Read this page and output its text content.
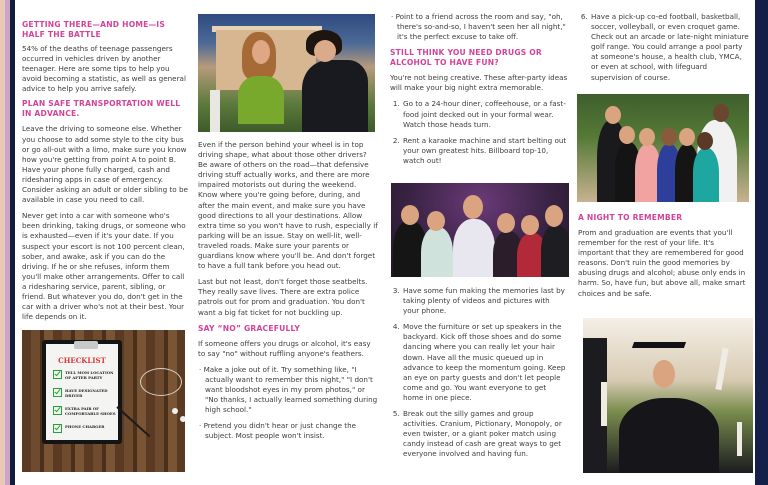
GETTING THERE—AND HOME—IS HALF THE BATTLE

54% of the deaths of teenage passengers occurred in vehicles driven by another teenager. Here are some tips to help you avoid becoming a statistic, as well as general advice to help you arrive safely.

PLAN SAFE TRANSPORTATION WELL IN ADVANCE.

Leave the driving to someone else. Whether you choose to add some style to the city bus or go all-out with a limo, make sure you know how you're getting from point A to point B. Have your phone fully charged, cash and ridesharing apps in case of emergency. Consider asking an adult or older sibling to be available in case you need to call.

Never get into a car with someone who's been drinking, taking drugs, or someone who is exhausted—even if it's your date. If you suspect your escort is not 100 percent clean, sober, and awake, ask if you can do the driving. If he or she refuses, inform them you'll make other arrangements. Offer to call a ridesharing service, parent, sibling, or friend. But whatever you do, don't get in the car with a driver who's not at their best. Your life depends on it.

CHECKLIST
TELL MOM LOCATION OF AFTER PARTY
HAVE DESIGNATED DRIVER
EXTRA PAIR OF COMFORTABLE SHOES
PHONE CHARGER

Even if the person behind your wheel is in top driving shape, what about those other drivers? Be aware of others on the road—that defensive driving stuff actually works, and there are more impaired motorists out during the weekend. Know where you're going before, during, and after the main event, and make sure you have good directions to all your destinations. Allow extra time so you won't have to rush, especially if parking will be an issue. Stay on well-lit, well-traveled roads. Make sure your parents or guardians know where you'll be. And don't forget to have a full tank before you head out.

Last but not least, don't forget those seatbelts. They really save lives. There are extra police patrols out for prom and graduation. You don't want a big fat ticket for not buckling up.

SAY “NO” GRACEFULLY

If someone offers you drugs or alcohol, it's easy to say "no" without ruffling anyone's feathers.

· Make a joke out of it. Try something like, "I actually want to remember this night," "I don't want bloodshot eyes in my prom photos," or "No thanks, I actually learned something during high school."
· Pretend you didn't hear or just change the subject. Most people won't insist.
· Point to a friend across the room and say, "oh, there's so-and-so, I haven't seen her all night," it's the perfect excuse to take off.
STILL THINK YOU NEED DRUGS OR ALCOHOL TO HAVE FUN?

You're not being creative. These after-party ideas will make your big night extra memorable.

1. Go to a 24-hour diner, coffeehouse, or a fast-food joint decked out in your formal wear. Watch those heads turn.
2. Rent a karaoke machine and start belting out your own greatest hits. Billboard top-10, watch out!
3. Have some fun making the memories last by taking plenty of videos and pictures with your phone.
4. Move the furniture or set up speakers in the backyard. Kick off those shoes and do some dancing where you can really let your hair down. Have all the music queued up in advance to keep the momentum going. Keep an eye on party guests and don't let people come and go. You want everyone to get home in one piece.
5. Break out the silly games and group activities. Cranium, Pictionary, Monopoly, or even twister, or a giant poker match using candy instead of cash are great ways to get everyone involved and having fun.
6. Have a pick-up co-ed football, basketball, soccer, volleyball, or even croquet game. Check out an arcade or late-night miniature golf range. You could arrange a pool party at someone's house, a health club, YMCA, or even at school, with lifeguard supervision of course.
A NIGHT TO REMEMBER

Prom and graduation are events that you'll remember for the rest of your life. It's important that they are remembered for good reasons. Don't ruin the good memories by abusing drugs and alcohol; abuse only ends in harm. So, have fun, but above all, make smart choices and be safe.
